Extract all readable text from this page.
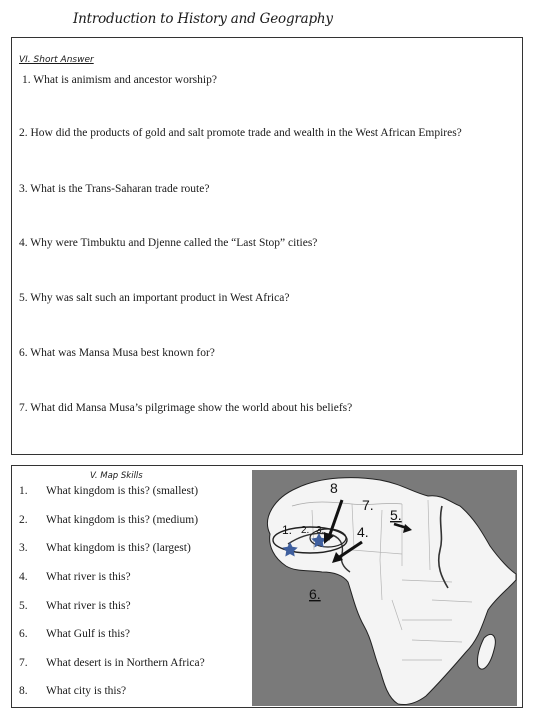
Introduction to History and Geography
VI. Short Answer
1. What is animism and ancestor worship?
2. How did the products of gold and salt promote trade and wealth in the West African Empires?
3. What is the Trans-Saharan trade route?
4. Why were Timbuktu and Djenne called the “Last Stop” cities?
5. Why was salt such an important product in West Africa?
6. What was Mansa Musa best known for?
7. What did Mansa Musa’s pilgrimage show the world about his beliefs?
V. Map Skills
1. What kingdom is this? (smallest)
2. What kingdom is this? (medium)
3. What kingdom is this? (largest)
4. What river is this?
5. What river is this?
6. What Gulf is this?
7. What desert is in Northern Africa?
8. What city is this?
8
7.
5.
1. 2. 3. 4.
6.
